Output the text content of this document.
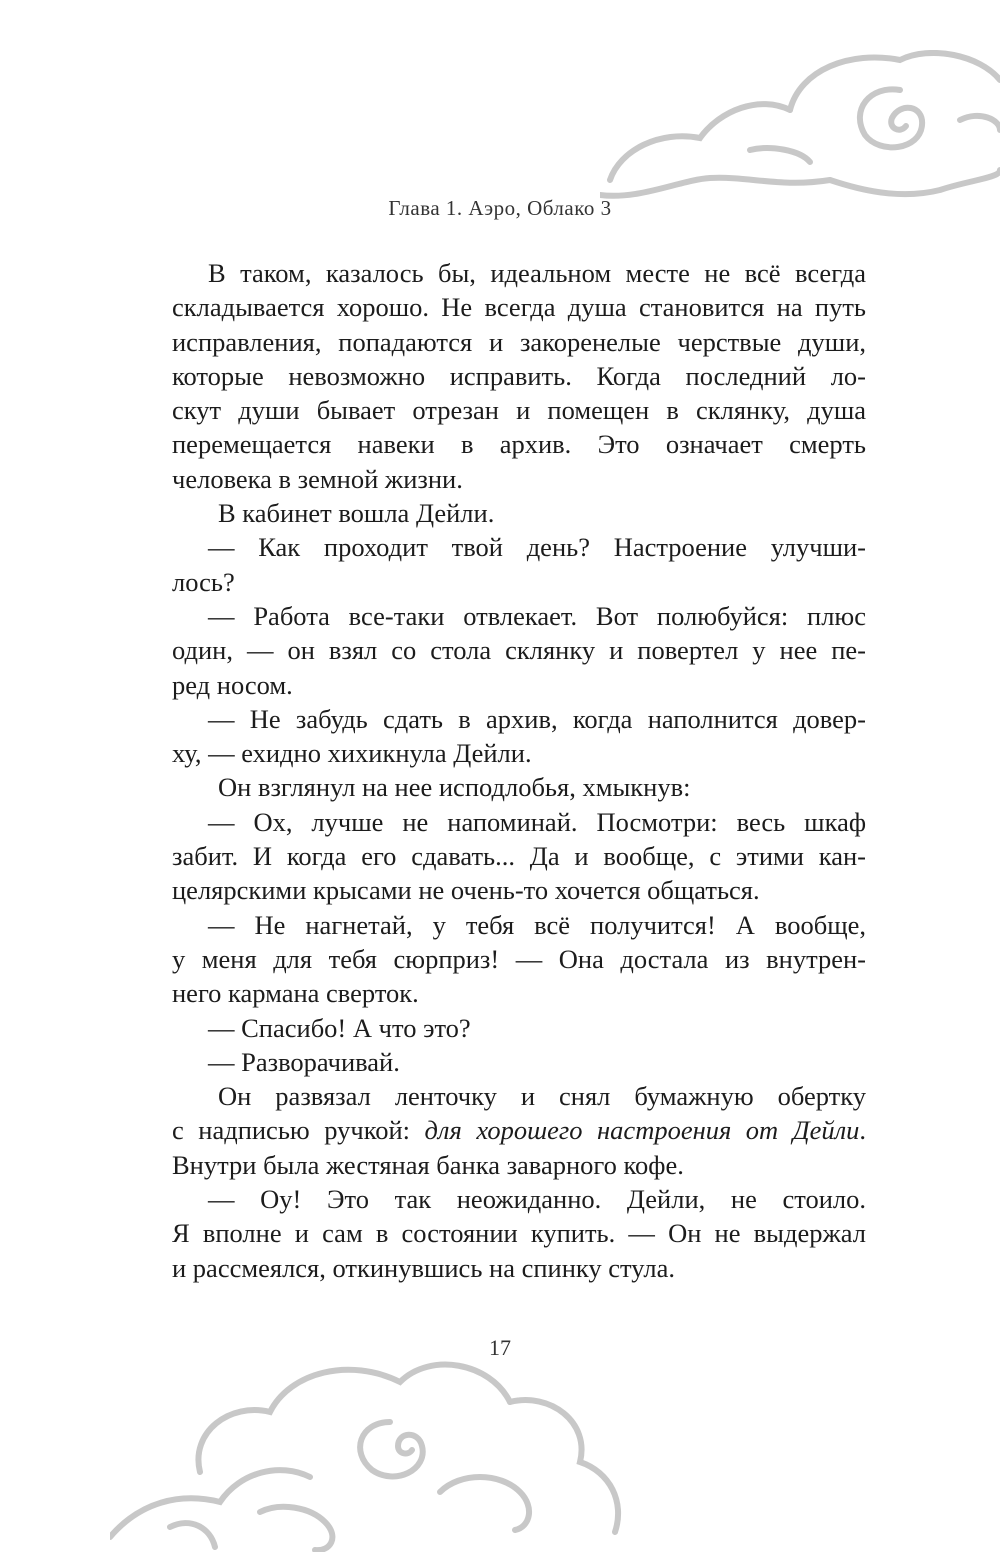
Глава 1. Аэро, Облако 3
В таком, казалось бы, идеальном месте не всё всегда
складывается хорошо. Не всегда душа становится на путь
исправления, попадаются и закоренелые черствые души,
которые невозможно исправить. Когда последний ло-
скут души бывает отрезан и помещен в склянку, душа
перемещается навеки в архив. Это означает смерть
человека в земной жизни.
В кабинет вошла Дейли.
— Как проходит твой день? Настроение улучши-
лось?
— Работа все-таки отвлекает. Вот полюбуйся: плюс
один, — он взял со стола склянку и повертел у нее пе-
ред носом.
— Не забудь сдать в архив, когда наполнится довер-
ху, — ехидно хихикнула Дейли.
Он взглянул на нее исподлобья, хмыкнув:
— Ох, лучше не напоминай. Посмотри: весь шкаф
забит. И когда его сдавать... Да и вообще, с этими кан-
целярскими крысами не очень-то хочется общаться.
— Не нагнетай, у тебя всё получится! А вообще,
у меня для тебя сюрприз! — Она достала из внутрен-
него кармана сверток.
— Спасибо! А что это?
— Разворачивай.
Он развязал ленточку и снял бумажную обертку
с надписью ручкой: для хорошего настроения от Дейли.
Внутри была жестяная банка заварного кофе.
— Оу! Это так неожиданно. Дейли, не стоило.
Я вполне и сам в состоянии купить. — Он не выдержал
и рассмеялся, откинувшись на спинку стула.
17
